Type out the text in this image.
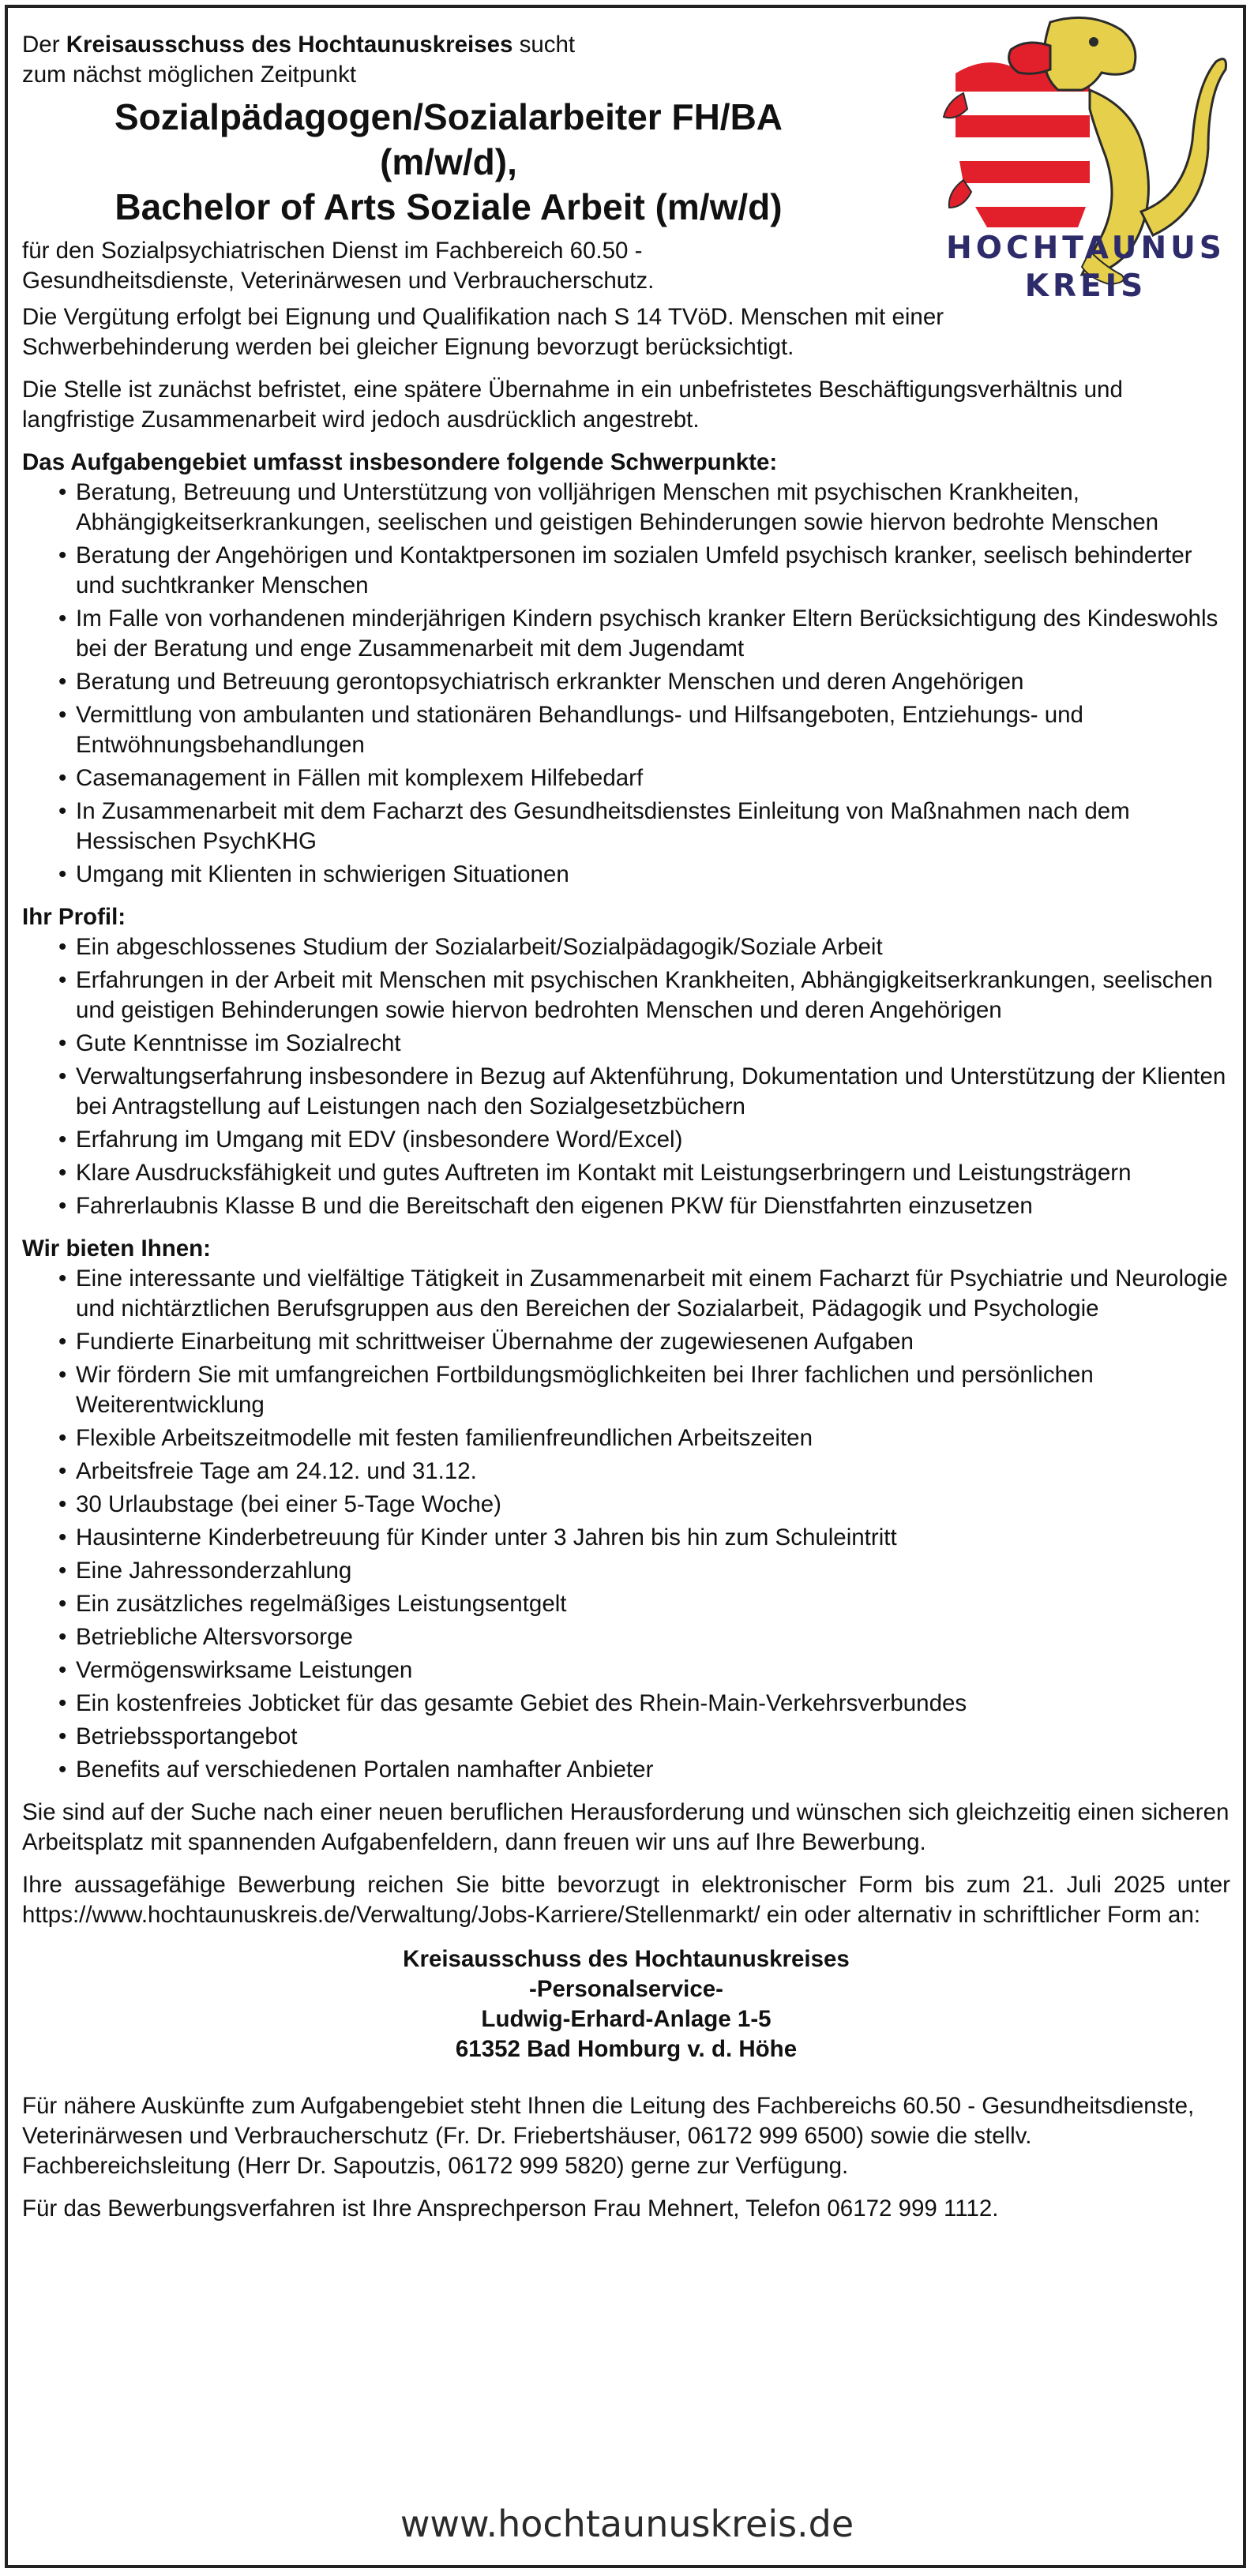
HOCHTAUNUS
KREIS
Der Kreisausschuss des Hochtaunuskreises sucht
zum nächst möglichen Zeitpunkt
Sozialpädagogen/Sozialarbeiter FH/BA
(m/w/d),
Bachelor of Arts Soziale Arbeit (m/w/d)

für den Sozialpsychiatrischen Dienst im Fachbereich 60.50 -
Gesundheitsdienste, Veterinärwesen und Verbraucherschutz.

Die Vergütung erfolgt bei Eignung und Qualifikation nach S 14 TVöD. Menschen mit einer Schwerbehinderung werden bei gleicher Eignung bevorzugt berücksichtigt.

Die Stelle ist zunächst befristet, eine spätere Übernahme in ein unbefristetes Beschäftigungsverhältnis und langfristige Zusammenarbeit wird jedoch ausdrücklich angestrebt.

Das Aufgabengebiet umfasst insbesondere folgende Schwerpunkte:
• Beratung, Betreuung und Unterstützung von volljährigen Menschen mit psychischen Krankheiten, Abhängigkeitserkrankungen, seelischen und geistigen Behinderungen sowie hiervon bedrohte Menschen
• Beratung der Angehörigen und Kontaktpersonen im sozialen Umfeld psychisch kranker, seelisch behinderter und suchtkranker Menschen
• Im Falle von vorhandenen minderjährigen Kindern psychisch kranker Eltern Berücksichtigung des Kindeswohls bei der Beratung und enge Zusammenarbeit mit dem Jugendamt
• Beratung und Betreuung gerontopsychiatrisch erkrankter Menschen und deren Angehörigen
• Vermittlung von ambulanten und stationären Behandlungs- und Hilfsangeboten, Entziehungs- und Entwöhnungsbehandlungen
• Casemanagement in Fällen mit komplexem Hilfebedarf
• In Zusammenarbeit mit dem Facharzt des Gesundheitsdienstes Einleitung von Maßnahmen nach dem Hessischen PsychKHG
• Umgang mit Klienten in schwierigen Situationen
Ihr Profil:
• Ein abgeschlossenes Studium der Sozialarbeit/Sozialpädagogik/Soziale Arbeit
• Erfahrungen in der Arbeit mit Menschen mit psychischen Krankheiten, Abhängigkeitserkrankungen, seelischen und geistigen Behinderungen sowie hiervon bedrohten Menschen und deren Angehörigen
• Gute Kenntnisse im Sozialrecht
• Verwaltungserfahrung insbesondere in Bezug auf Aktenführung, Dokumentation und Unterstützung der Klienten bei Antragstellung auf Leistungen nach den Sozialgesetzbüchern
• Erfahrung im Umgang mit EDV (insbesondere Word/Excel)
• Klare Ausdrucksfähigkeit und gutes Auftreten im Kontakt mit Leistungserbringern und Leistungsträgern
• Fahrerlaubnis Klasse B und die Bereitschaft den eigenen PKW für Dienstfahrten einzusetzen
Wir bieten Ihnen:
• Eine interessante und vielfältige Tätigkeit in Zusammenarbeit mit einem Facharzt für Psychiatrie und Neurologie und nichtärztlichen Berufsgruppen aus den Bereichen der Sozialarbeit, Pädagogik und Psychologie
• Fundierte Einarbeitung mit schrittweiser Übernahme der zugewiesenen Aufgaben
• Wir fördern Sie mit umfangreichen Fortbildungsmöglichkeiten bei Ihrer fachlichen und persönlichen Weiterentwicklung
• Flexible Arbeitszeitmodelle mit festen familienfreundlichen Arbeitszeiten
• Arbeitsfreie Tage am 24.12. und 31.12.
• 30 Urlaubstage (bei einer 5-Tage Woche)
• Hausinterne Kinderbetreuung für Kinder unter 3 Jahren bis hin zum Schuleintritt
• Eine Jahressonderzahlung
• Ein zusätzliches regelmäßiges Leistungsentgelt
• Betriebliche Altersvorsorge
• Vermögenswirksame Leistungen
• Ein kostenfreies Jobticket für das gesamte Gebiet des Rhein-Main-Verkehrsverbundes
• Betriebssportangebot
• Benefits auf verschiedenen Portalen namhafter Anbieter

Sie sind auf der Suche nach einer neuen beruflichen Herausforderung und wünschen sich gleichzeitig einen sicheren Arbeitsplatz mit spannenden Aufgabenfeldern, dann freuen wir uns auf Ihre Bewerbung.

Ihre aussagefähige Bewerbung reichen Sie bitte bevorzugt in elektronischer Form bis zum 21. Juli 2025 unter https://www.hochtaunuskreis.de/Verwaltung/Jobs-Karriere/Stellenmarkt/ ein oder alternativ in schriftlicher Form an:

Kreisausschuss des Hochtaunuskreises
-Personalservice-
Ludwig-Erhard-Anlage 1-5
61352 Bad Homburg v. d. Höhe

Für nähere Auskünfte zum Aufgabengebiet steht Ihnen die Leitung des Fachbereichs 60.50 - Gesundheitsdienste, Veterinärwesen und Verbraucherschutz (Fr. Dr. Friebertshäuser, 06172 999 6500) sowie die stellv. Fachbereichsleitung (Herr Dr. Sapoutzis, 06172 999 5820) gerne zur Verfügung.

Für das Bewerbungsverfahren ist Ihre Ansprechperson Frau Mehnert, Telefon 06172 999 1112.

www.hochtaunuskreis.de
